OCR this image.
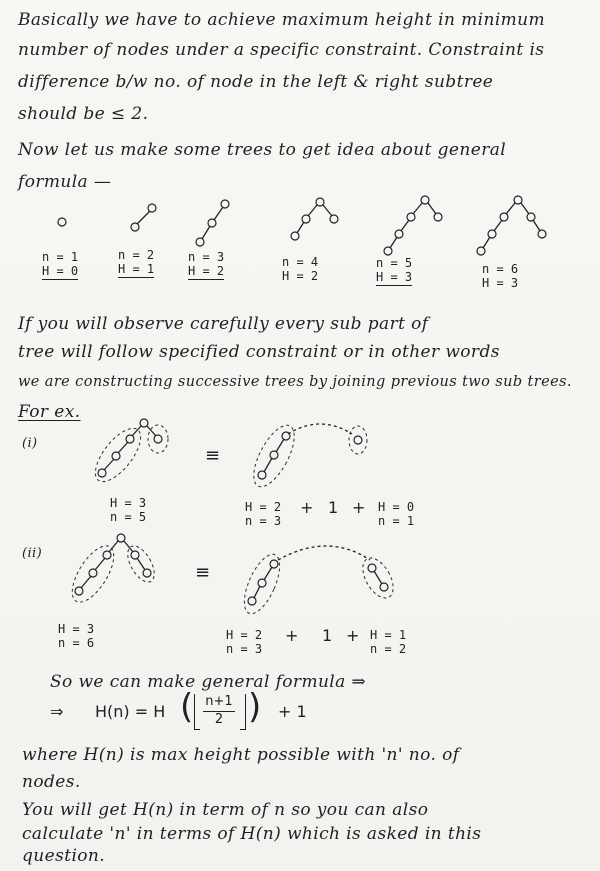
Basically we have to achieve maximum height in minimum
number of nodes under a specific constraint. Constraint is
difference b/w no. of node in the left & right subtree
should be ≤ 2.
Now let us make some trees to get idea about general
formula —
n = 1
H = 0
n = 2
H = 1
n = 3
H = 2
n = 4
H = 2
n = 5
H = 3
n = 6
H = 3
If you will observe carefully every sub part of
tree will follow specified constraint or in other words
we are constructing successive trees by joining previous two sub trees.
For ex.
(i)
H = 3
n = 5
≡
H = 2
n = 3
+ 1 + H = 0
n = 1
(ii)
H = 3
n = 6
≡
H = 2
n = 3
+ 1 + H = 1
n = 2
So we can make general formula ⇒
⇒ H(n) = H ( n+1
2 ) + 1
where H(n) is max height possible with 'n' no. of
nodes.
You will get H(n) in term of n so you can also
calculate 'n' in terms of H(n) which is asked in this
question.
